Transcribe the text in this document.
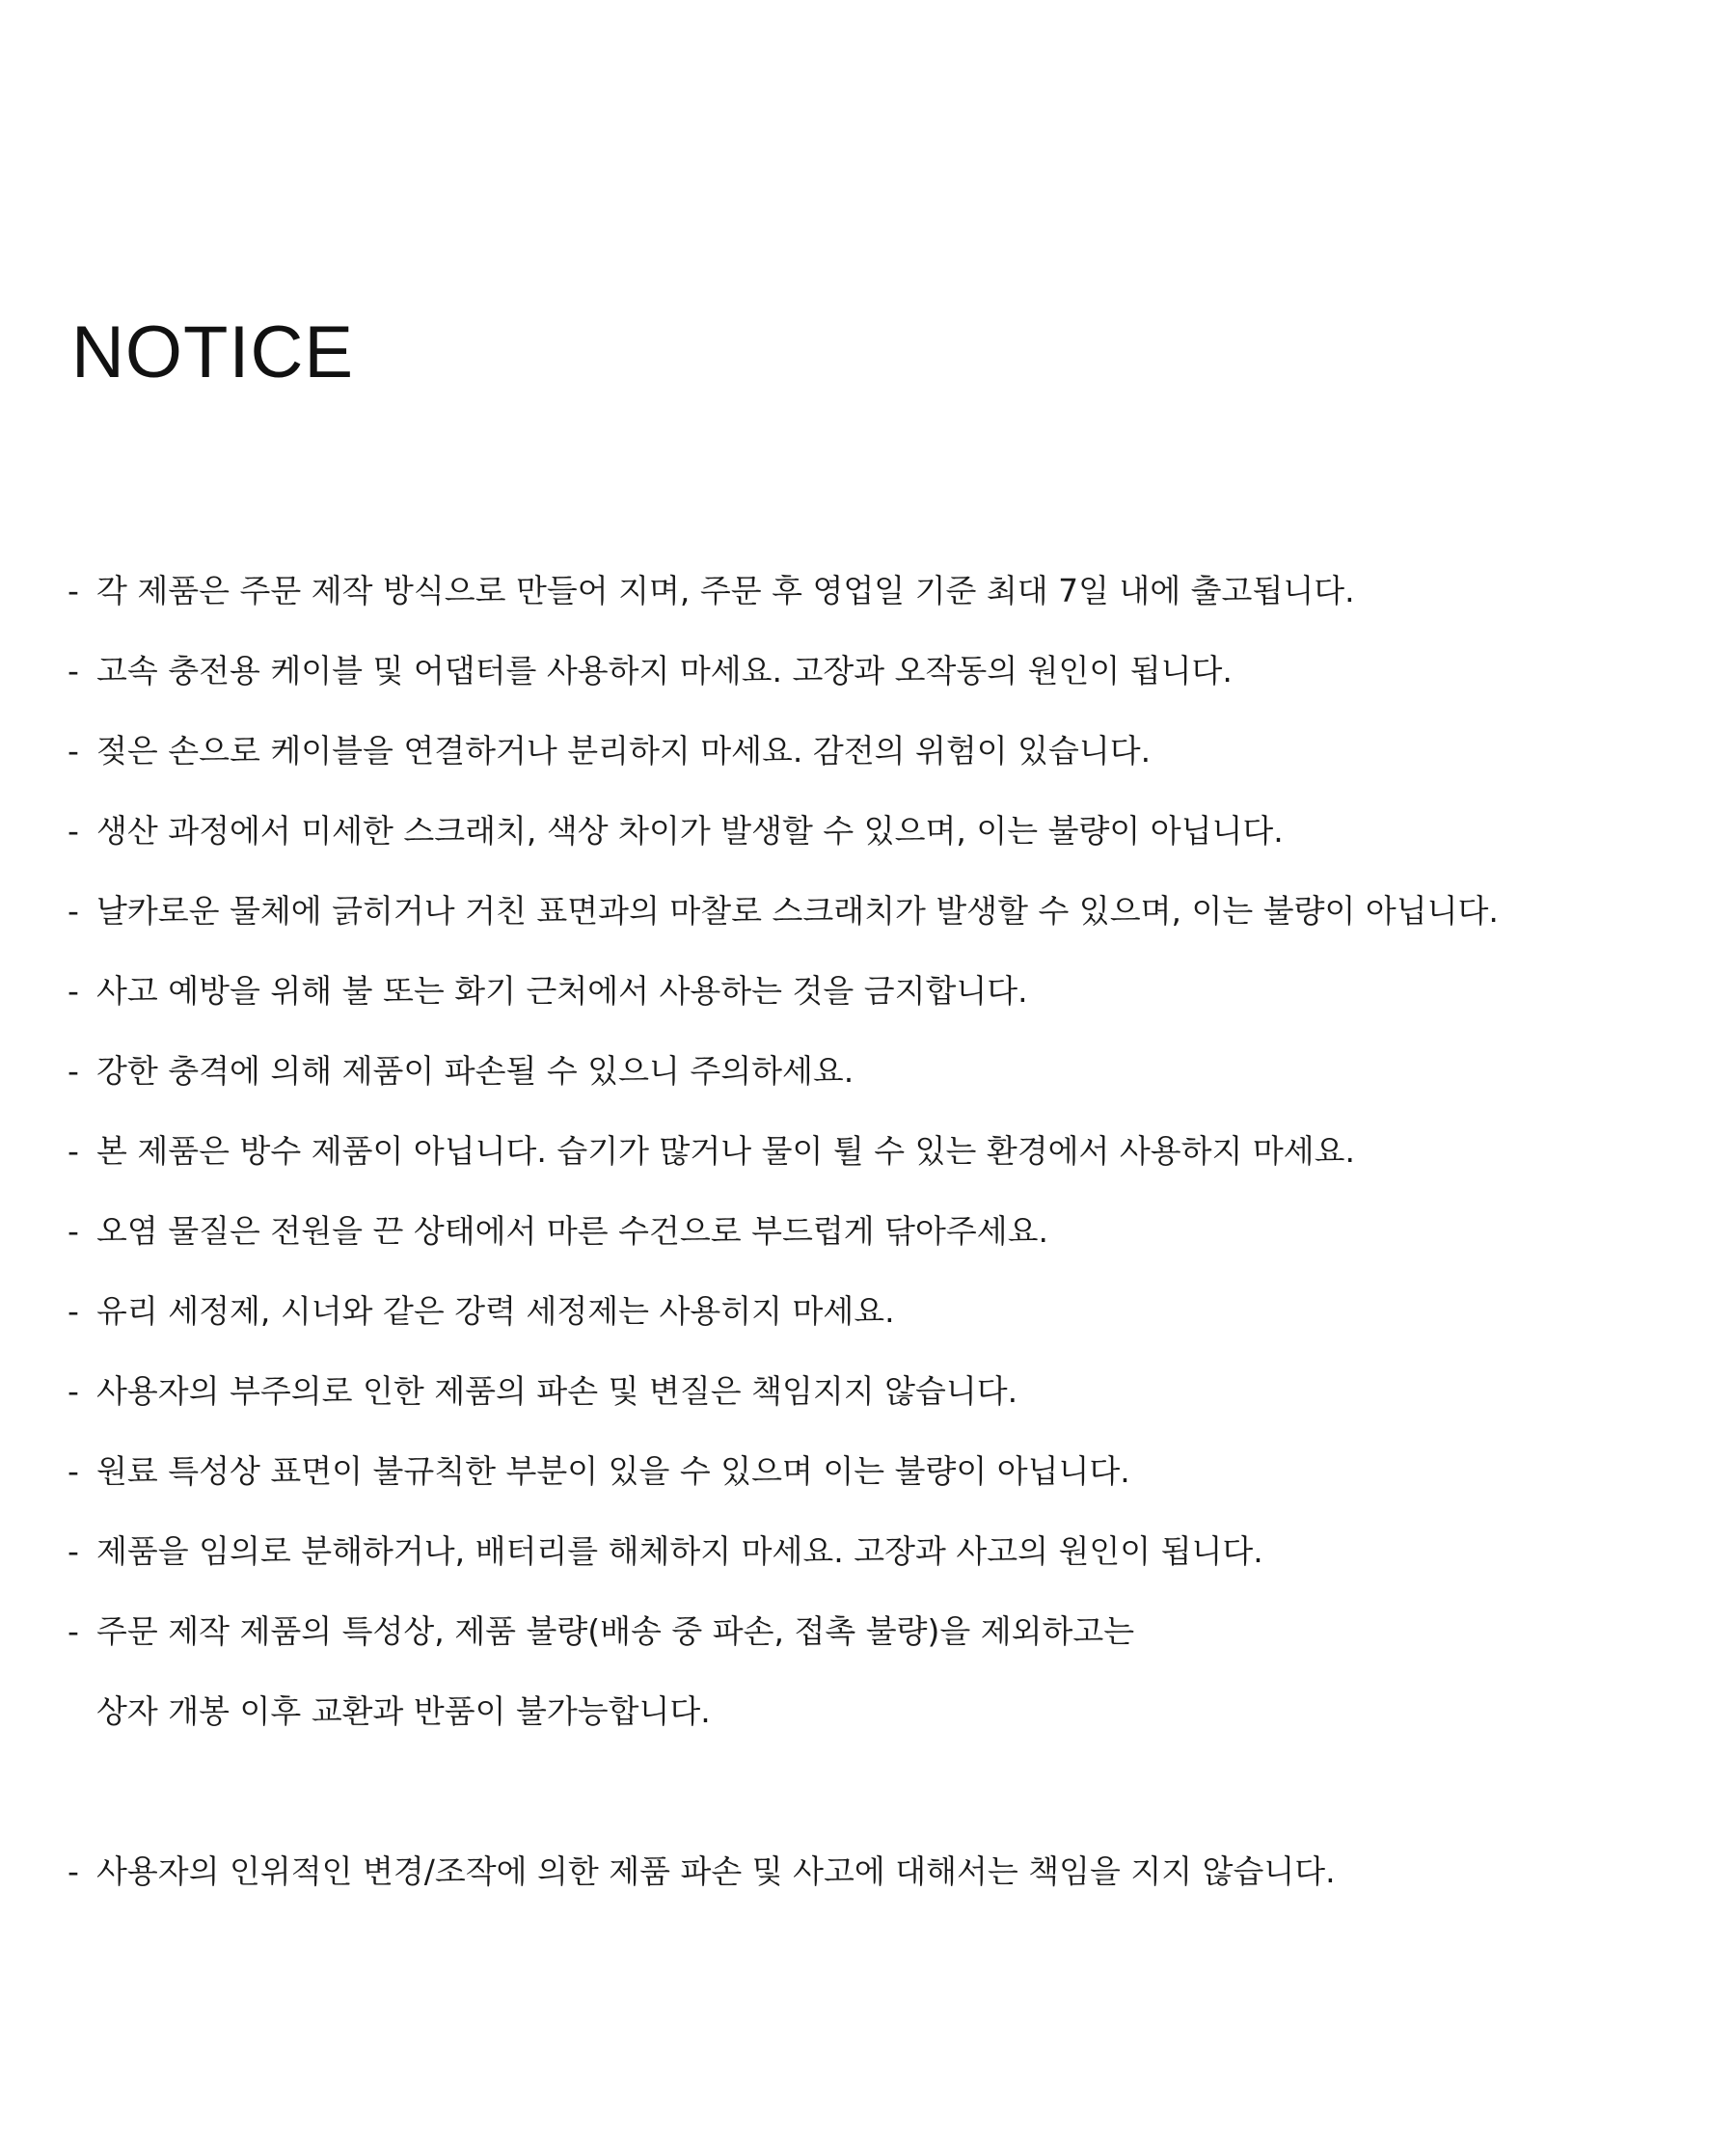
NOTICE
- 각 제품은 주문 제작 방식으로 만들어 지며, 주문 후 영업일 기준 최대 7일 내에 출고됩니다.
- 고속 충전용 케이블 및 어댑터를 사용하지 마세요. 고장과 오작동의 원인이 됩니다.
- 젖은 손으로 케이블을 연결하거나 분리하지 마세요. 감전의 위험이 있습니다.
- 생산 과정에서 미세한 스크래치, 색상 차이가 발생할 수 있으며, 이는 불량이 아닙니다.
- 날카로운 물체에 긁히거나 거친 표면과의 마찰로 스크래치가 발생할 수 있으며, 이는 불량이 아닙니다.
- 사고 예방을 위해 불 또는 화기 근처에서 사용하는 것을 금지합니다.
- 강한 충격에 의해 제품이 파손될 수 있으니 주의하세요.
- 본 제품은 방수 제품이 아닙니다. 습기가 많거나 물이 튈 수 있는 환경에서 사용하지 마세요.
- 오염 물질은 전원을 끈 상태에서 마른 수건으로 부드럽게 닦아주세요.
- 유리 세정제, 시너와 같은 강력 세정제는 사용히지 마세요.
- 사용자의 부주의로 인한 제품의 파손 및 변질은 책임지지 않습니다.
- 원료 특성상 표면이 불규칙한 부분이 있을 수 있으며 이는 불량이 아닙니다.
- 제품을 임의로 분해하거나, 배터리를 해체하지 마세요. 고장과 사고의 원인이 됩니다.
- 주문 제작 제품의 특성상, 제품 불량(배송 중 파손, 접촉 불량)을 제외하고는
상자 개봉 이후 교환과 반품이 불가능합니다.
- 사용자의 인위적인 변경/조작에 의한 제품 파손 및 사고에 대해서는 책임을 지지 않습니다.
